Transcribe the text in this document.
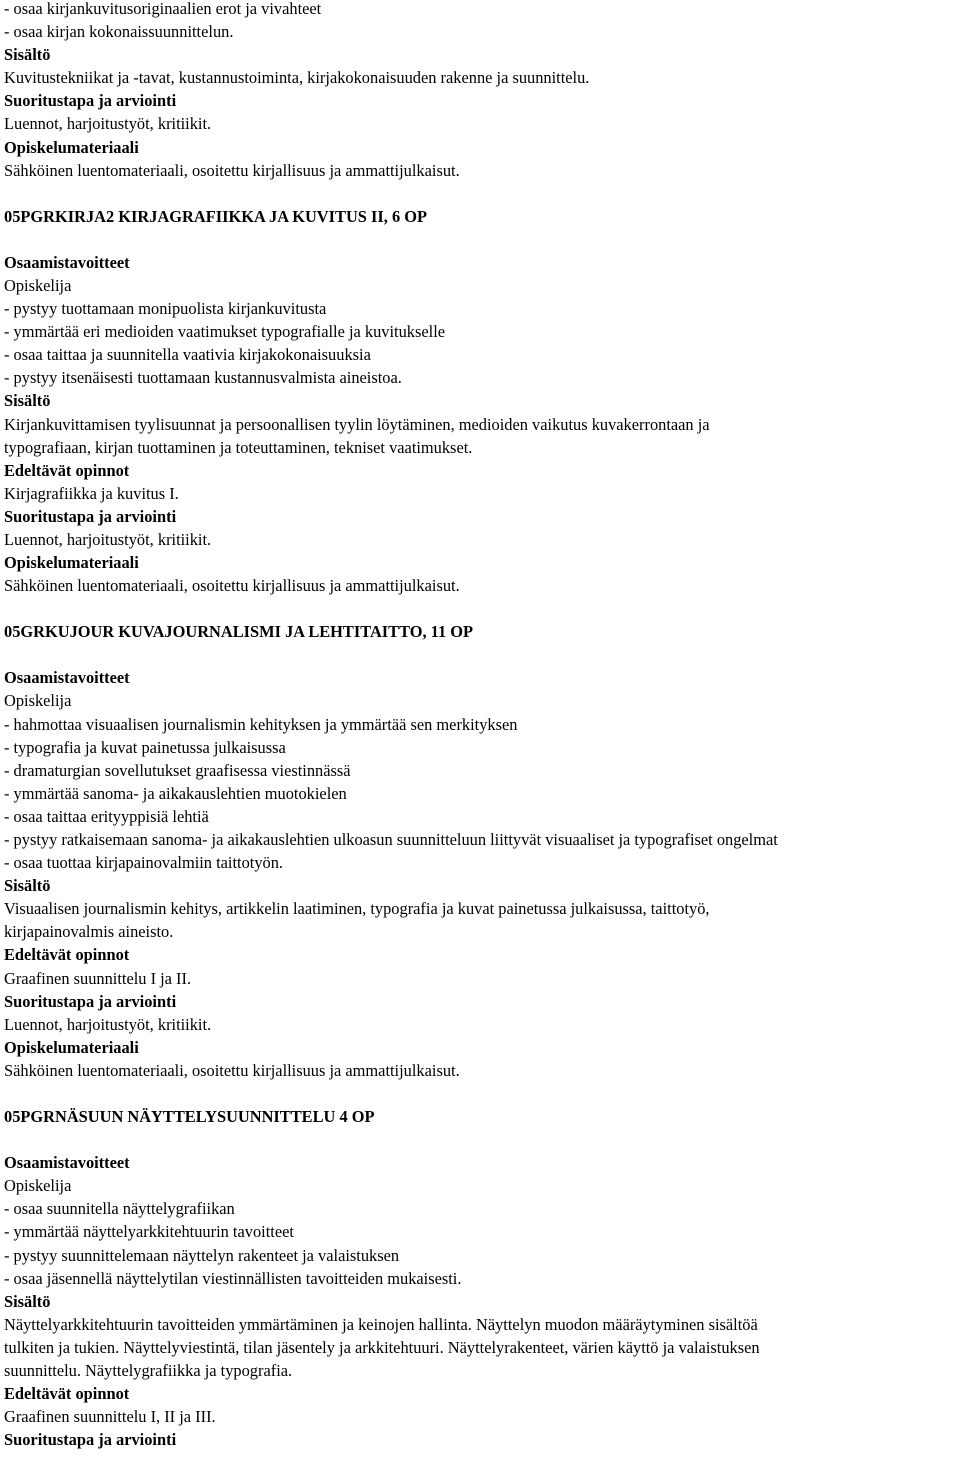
- osaa kirjankuvitusoriginaalien erot ja vivahteet
- osaa kirjan kokonaissuunnittelun.
Sisältö
Kuvitustekniikat ja -tavat, kustannustoiminta, kirjakokonaisuuden rakenne ja suunnittelu.
Suoritustapa ja arviointi
Luennot, harjoitustyöt, kritiikit.
Opiskelumateriaali
Sähköinen luentomateriaali, osoitettu kirjallisuus ja ammattijulkaisut.
05PGRKIRJA2 KIRJAGRAFIIKKA JA KUVITUS II, 6 OP
Osaamistavoitteet
Opiskelija
- pystyy tuottamaan monipuolista kirjankuvitusta
- ymmärtää eri medioiden vaatimukset typografialle ja kuvitukselle
- osaa taittaa ja suunnitella vaativia kirjakokonaisuuksia
- pystyy itsenäisesti tuottamaan kustannusvalmista aineistoa.
Sisältö
Kirjankuvittamisen tyylisuunnat ja persoonallisen tyylin löytäminen, medioiden vaikutus kuvakerrontaan ja
typografiaan, kirjan tuottaminen ja toteuttaminen, tekniset vaatimukset.
Edeltävät opinnot
Kirjagrafiikka ja kuvitus I.
Suoritustapa ja arviointi
Luennot, harjoitustyöt, kritiikit.
Opiskelumateriaali
Sähköinen luentomateriaali, osoitettu kirjallisuus ja ammattijulkaisut.
05GRKUJOUR KUVAJOURNALISMI JA LEHTITAITTO, 11 OP
Osaamistavoitteet
Opiskelija
- hahmottaa visuaalisen journalismin kehityksen ja ymmärtää sen merkityksen
- typografia ja kuvat painetussa julkaisussa
- dramaturgian sovellutukset graafisessa viestinnässä
- ymmärtää sanoma- ja aikakauslehtien muotokielen
- osaa taittaa erityyppisiä lehtiä
- pystyy ratkaisemaan sanoma- ja aikakauslehtien ulkoasun suunnitteluun liittyvät visuaaliset ja typografiset ongelmat
- osaa tuottaa kirjapainovalmiin taittotyön.
Sisältö
Visuaalisen journalismin kehitys, artikkelin laatiminen, typografia ja kuvat painetussa julkaisussa, taittotyö,
kirjapainovalmis aineisto.
Edeltävät opinnot
Graafinen suunnittelu I ja II.
Suoritustapa ja arviointi
Luennot, harjoitustyöt, kritiikit.
Opiskelumateriaali
Sähköinen luentomateriaali, osoitettu kirjallisuus ja ammattijulkaisut.
05PGRNÄSUUN NÄYTTELYSUUNNITTELU 4 OP
Osaamistavoitteet
Opiskelija
- osaa suunnitella näyttelygrafiikan
- ymmärtää näyttelyarkkitehtuurin tavoitteet
- pystyy suunnittelemaan näyttelyn rakenteet ja valaistuksen
- osaa jäsennellä näyttelytilan viestinnällisten tavoitteiden mukaisesti.
Sisältö
Näyttelyarkkitehtuurin tavoitteiden ymmärtäminen ja keinojen hallinta. Näyttelyn muodon määräytyminen sisältöä
tulkiten ja tukien. Näyttelyviestintä, tilan jäsentely ja arkkitehtuuri. Näyttelyrakenteet, värien käyttö ja valaistuksen
suunnittelu. Näyttelygrafiikka ja typografia.
Edeltävät opinnot
Graafinen suunnittelu I, II ja III.
Suoritustapa ja arviointi
